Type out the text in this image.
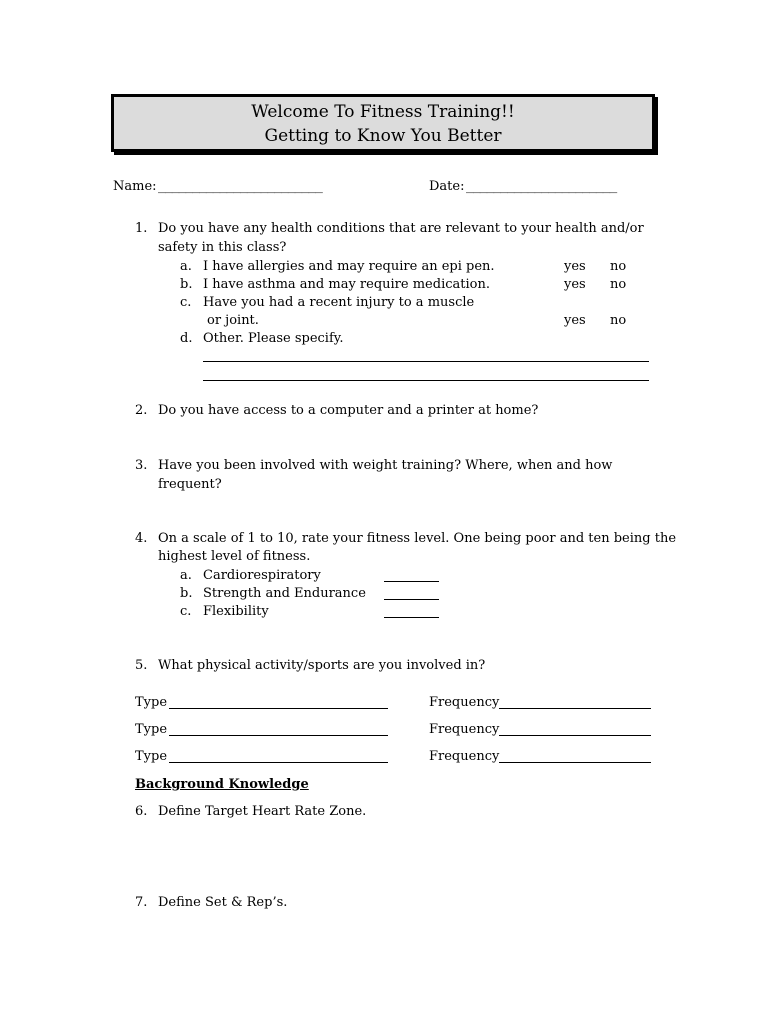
Welcome To Fitness Training!!
Getting to Know You Better
Name: ________________________	Date: ______________________
1. Do you have any health conditions that are relevant to your health and/or
safety in this class?
a. I have allergies and may require an epi pen.	yes no
b. I have asthma and may require medication.	yes no
c. Have you had a recent injury to a muscle
or joint.	yes no
d. Other. Please specify.
2. Do you have access to a computer and a printer at home?
3. Have you been involved with weight training? Where, when and how
frequent?
4. On a scale of 1 to 10, rate your fitness level. One being poor and ten being the
highest level of fitness.
a. Cardiorespiratory
b. Strength and Endurance
c. Flexibility
5. What physical activity/sports are you involved in?
Type	Frequency
Type	Frequency
Type	Frequency
Background Knowledge
6. Define Target Heart Rate Zone.
7. Define Set & Rep’s.
